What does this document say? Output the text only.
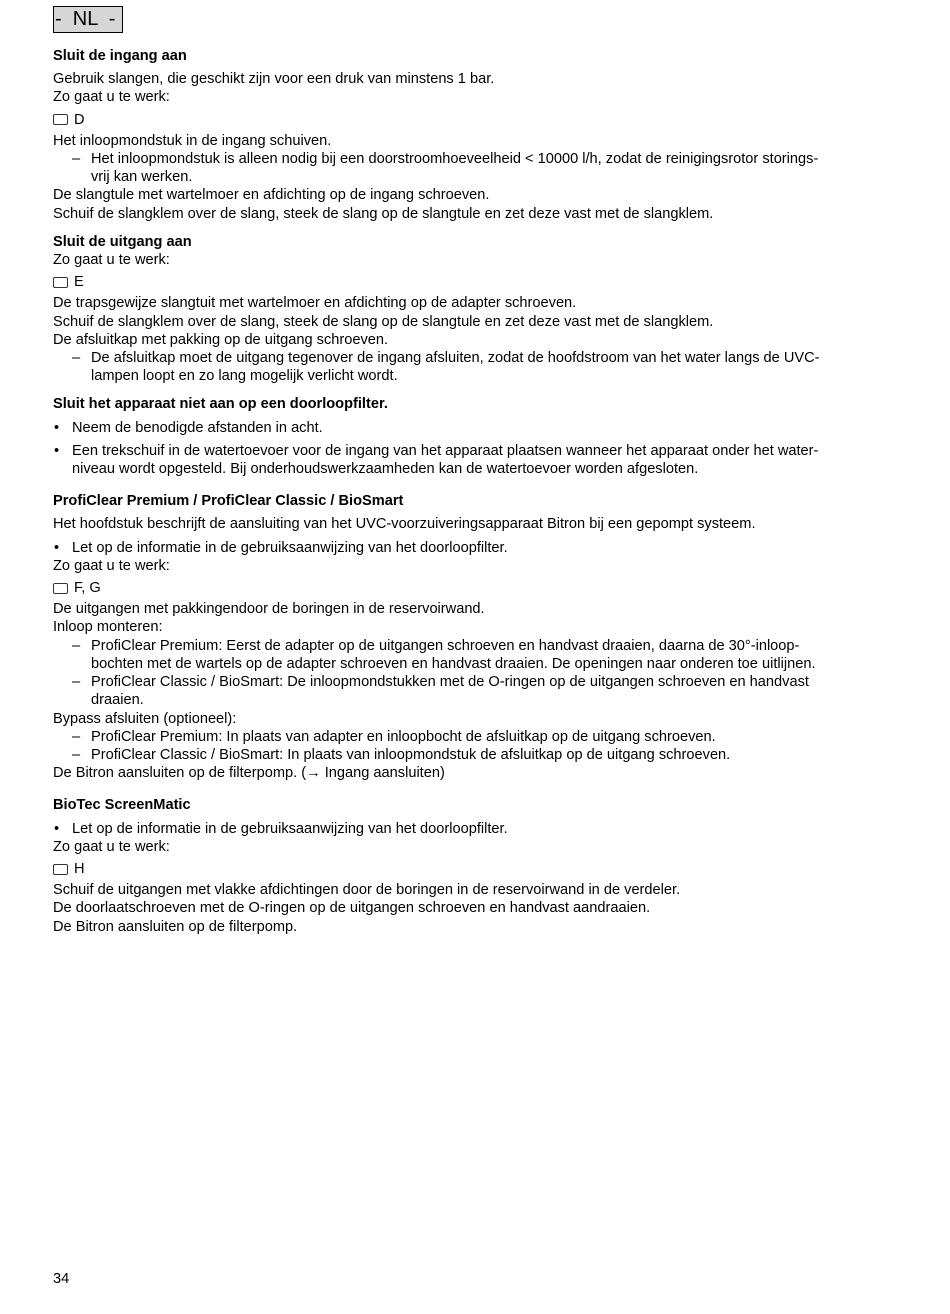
-  NL  -
Sluit de ingang aan

Gebruik slangen, die geschikt zijn voor een druk van minstens 1 bar.

Zo gaat u te werk:

D

Het inloopmondstuk in de ingang schuiven.

– Het inloopmondstuk is alleen nodig bij een doorstroomhoeveelheid < 10000 l/h, zodat de reinigingsrotor storings-
vrij kan werken.

De slangtule met wartelmoer en afdichting op de ingang schroeven.

Schuif de slangklem over de slang, steek de slang op de slangtule en zet deze vast met de slangklem.

Sluit de uitgang aan

Zo gaat u te werk:

E

De trapsgewijze slangtuit met wartelmoer en afdichting op de adapter schroeven.

Schuif de slangklem over de slang, steek de slang op de slangtule en zet deze vast met de slangklem.

De afsluitkap met pakking op de uitgang schroeven.

– De afsluitkap moet de uitgang tegenover de ingang afsluiten, zodat de hoofdstroom van het water langs de UVC-
lampen loopt en zo lang mogelijk verlicht wordt.
Sluit het apparaat niet aan op een doorloopfilter.
• Neem de benodigde afstanden in acht.
• Een trekschuif in de watertoevoer voor de ingang van het apparaat plaatsen wanneer het apparaat onder het water-
niveau wordt opgesteld. Bij onderhoudswerkzaamheden kan de watertoevoer worden afgesloten.
ProfiClear Premium / ProfiClear Classic / BioSmart

Het hoofdstuk beschrijft de aansluiting van het UVC-voorzuiveringsapparaat Bitron bij een gepompt systeem.

• Let op de informatie in de gebruiksaanwijzing van het doorloopfilter.

Zo gaat u te werk:

F, G

De uitgangen met pakkingendoor de boringen in de reservoirwand.

Inloop monteren:

– ProfiClear Premium: Eerst de adapter op de uitgangen schroeven en handvast draaien, daarna de 30°-inloop-
bochten met de wartels op de adapter schroeven en handvast draaien. De openingen naar onderen toe uitlijnen.
– ProfiClear Classic / BioSmart: De inloopmondstukken met de O-ringen op de uitgangen schroeven en handvast
draaien.

Bypass afsluiten (optioneel):

– ProfiClear Premium: In plaats van adapter en inloopbocht de afsluitkap op de uitgang schroeven.
– ProfiClear Classic / BioSmart: In plaats van inloopmondstuk de afsluitkap op de uitgang schroeven.

De Bitron aansluiten op de filterpomp. (→ Ingang aansluiten)

BioTec ScreenMatic
• Let op de informatie in de gebruiksaanwijzing van het doorloopfilter.

Zo gaat u te werk:

H

Schuif de uitgangen met vlakke afdichtingen door de boringen in de reservoirwand in de verdeler.

De doorlaatschroeven met de O-ringen op de uitgangen schroeven en handvast aandraaien.

De Bitron aansluiten op de filterpomp.

34
